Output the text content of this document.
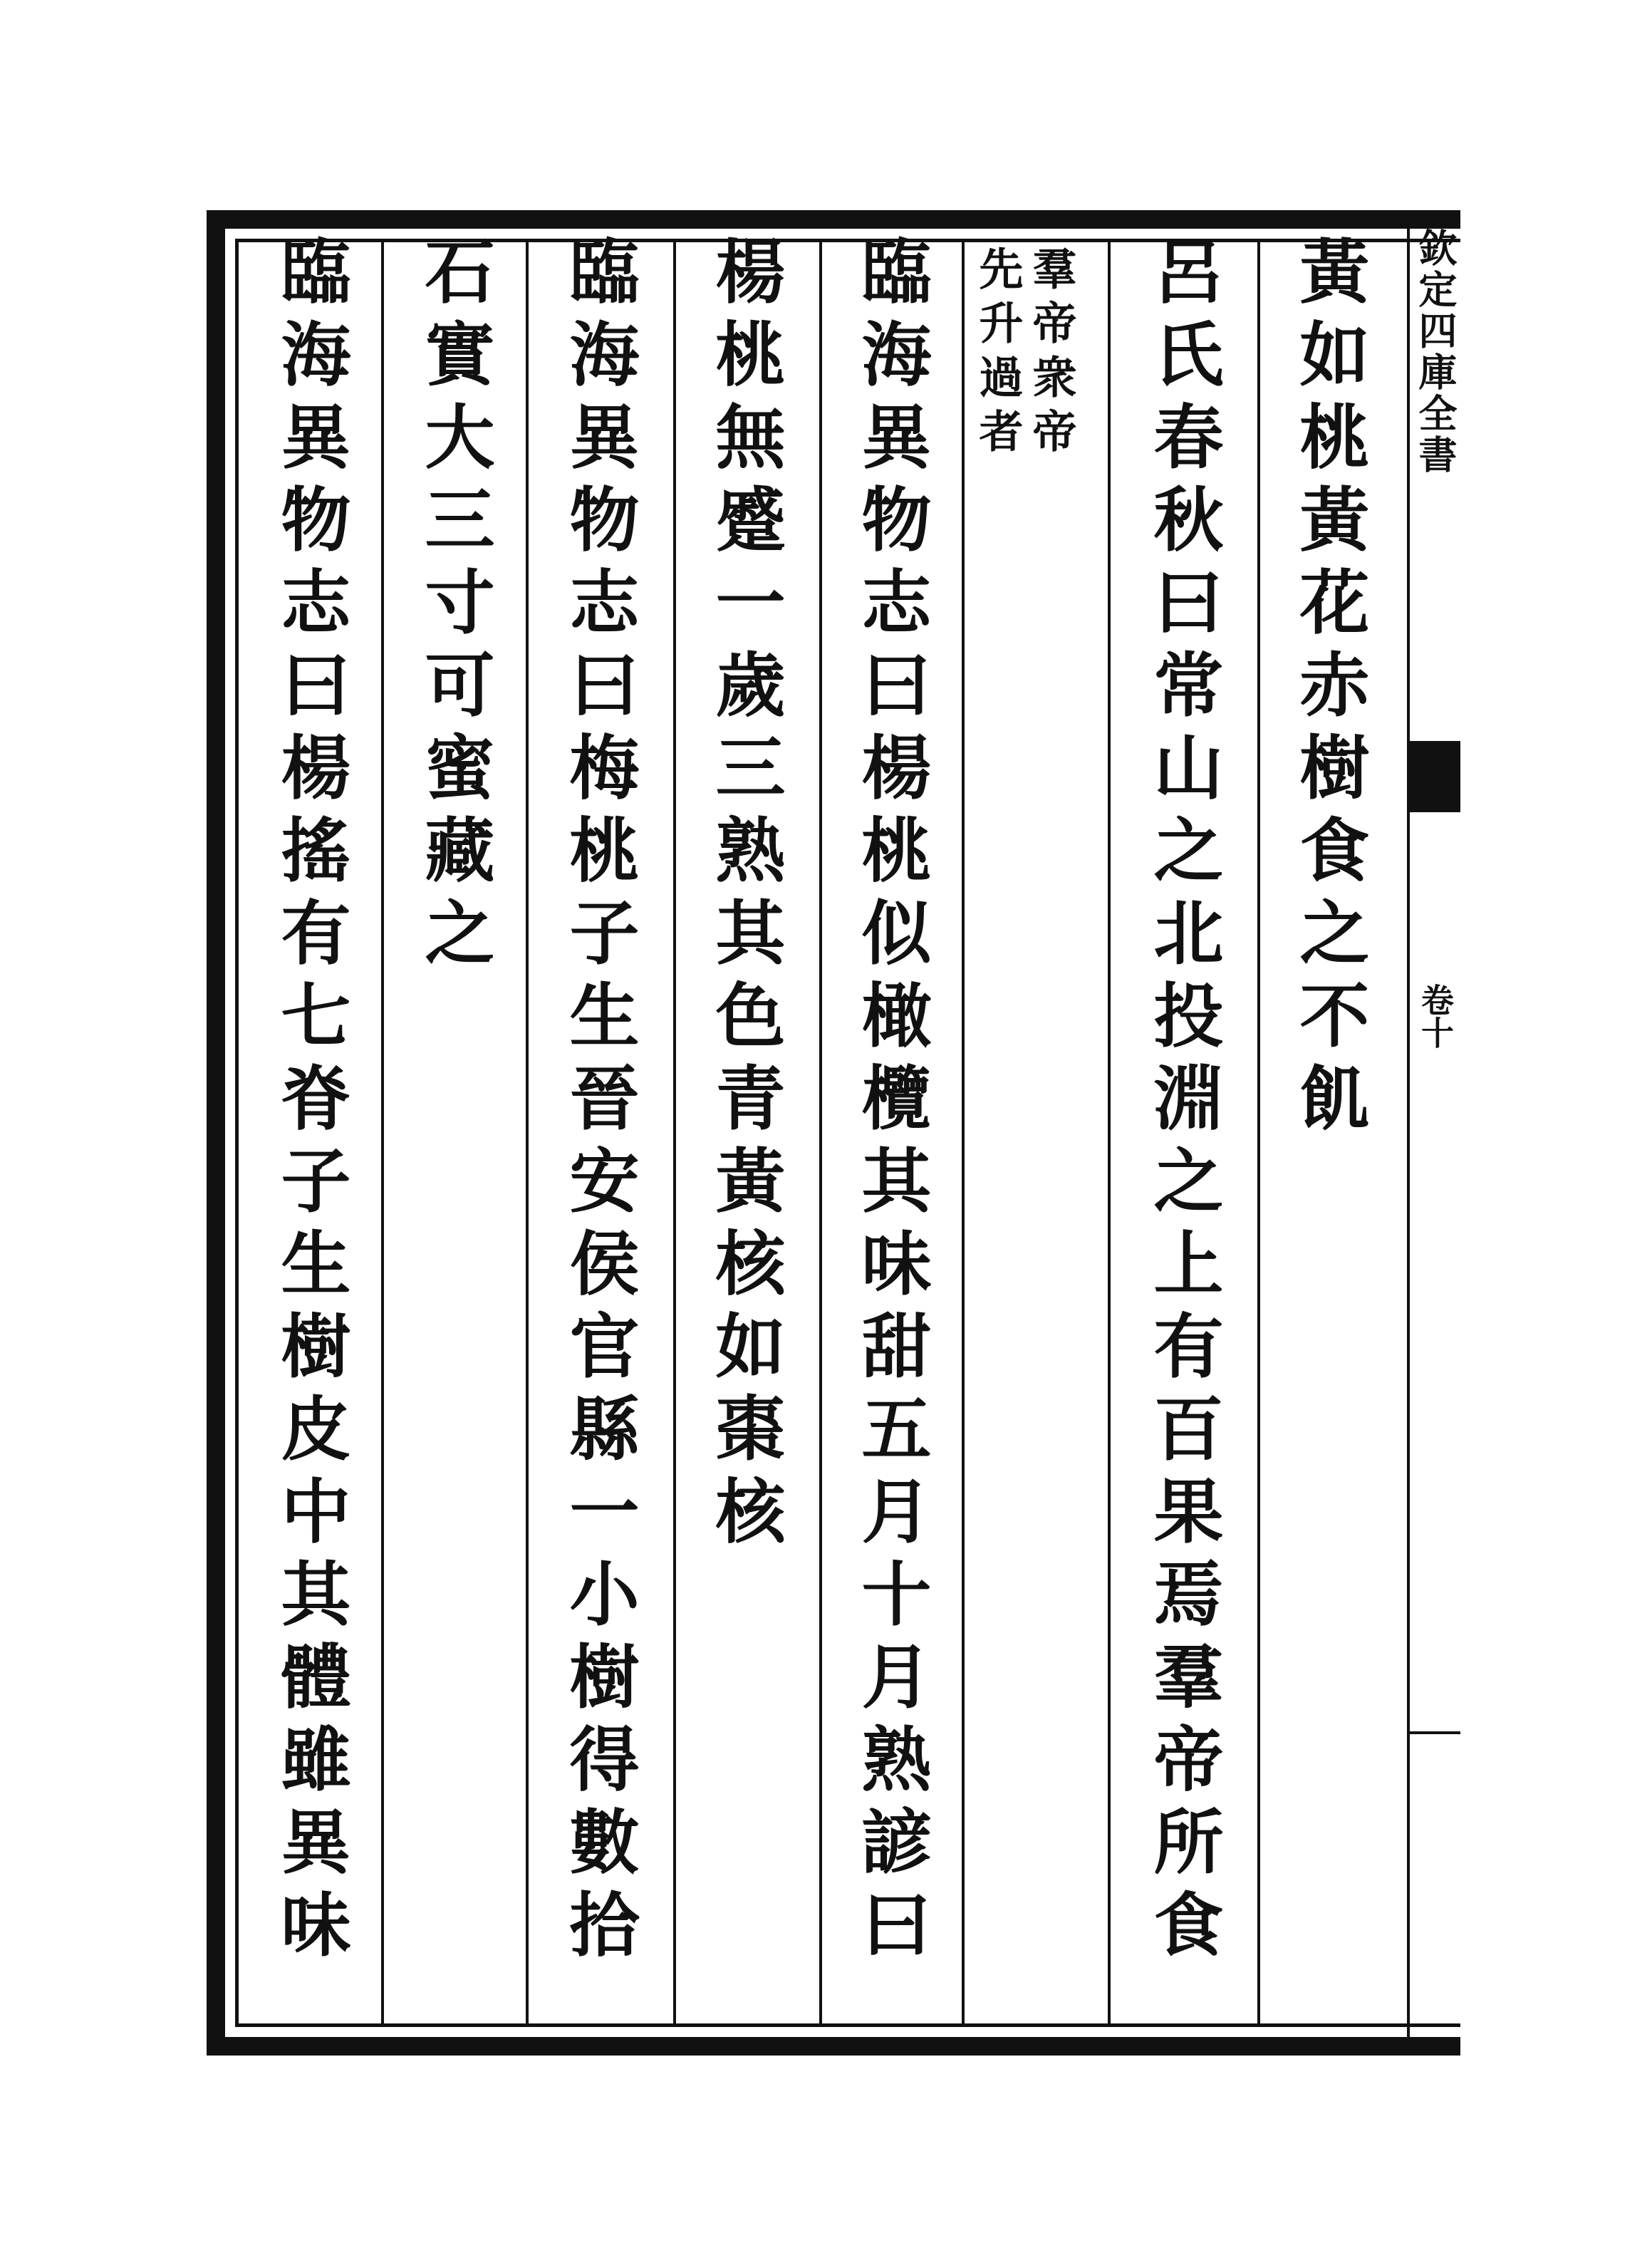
欽定四庫全書
卷十
黃如桃黃花赤樹食之不飢
呂氏春秋曰常山之北投淵之上有百果焉羣帝所食
羣帝衆帝
先升過者
臨海異物志曰楊桃似橄欖其味甜五月十月熟諺曰
楊桃無蹙一歲三熟其色青黃核如棗核
臨海異物志曰梅桃子生晉安侯官縣一小樹得數拾
石實大三寸可蜜藏之
臨海異物志曰楊搖有七脊子生樹皮中其體雖異味
